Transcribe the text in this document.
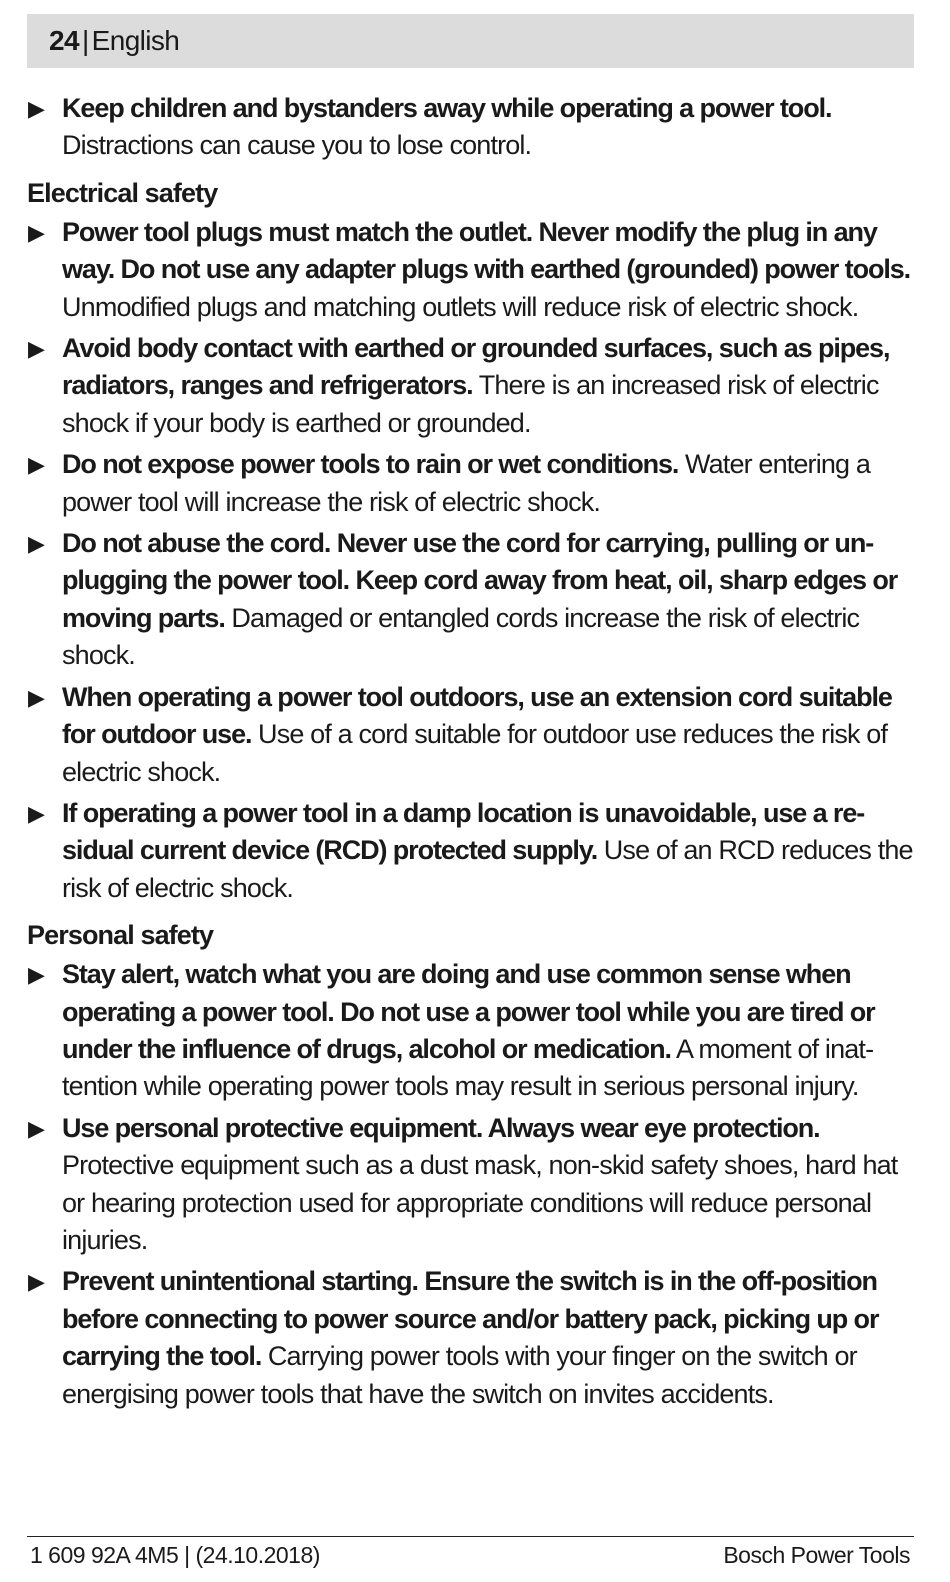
24 | English
▶ Keep children and bystanders away while operating a power tool. Distractions can cause you to lose control.
Electrical safety
▶ Power tool plugs must match the outlet. Never modify the plug in any way. Do not use any adapter plugs with earthed (grounded) power tools. Unmodified plugs and matching outlets will reduce risk of electric shock.
▶ Avoid body contact with earthed or grounded surfaces, such as pipes, radiators, ranges and refrigerators. There is an increased risk of electric shock if your body is earthed or grounded.
▶ Do not expose power tools to rain or wet conditions. Water entering a power tool will increase the risk of electric shock.
▶ Do not abuse the cord. Never use the cord for carrying, pulling or unplugging the power tool. Keep cord away from heat, oil, sharp edges or moving parts. Damaged or entangled cords increase the risk of electric shock.
▶ When operating a power tool outdoors, use an extension cord suitable for outdoor use. Use of a cord suitable for outdoor use reduces the risk of electric shock.
▶ If operating a power tool in a damp location is unavoidable, use a residual current device (RCD) protected supply. Use of an RCD reduces the risk of electric shock.
Personal safety
▶ Stay alert, watch what you are doing and use common sense when operating a power tool. Do not use a power tool while you are tired or under the influence of drugs, alcohol or medication. A moment of inattention while operating power tools may result in serious personal injury.
▶ Use personal protective equipment. Always wear eye protection. Protective equipment such as a dust mask, non-skid safety shoes, hard hat or hearing protection used for appropriate conditions will reduce personal injuries.
▶ Prevent unintentional starting. Ensure the switch is in the off-position before connecting to power source and/or battery pack, picking up or carrying the tool. Carrying power tools with your finger on the switch or energising power tools that have the switch on invites accidents.
1 609 92A 4M5 | (24.10.2018)	Bosch Power Tools
